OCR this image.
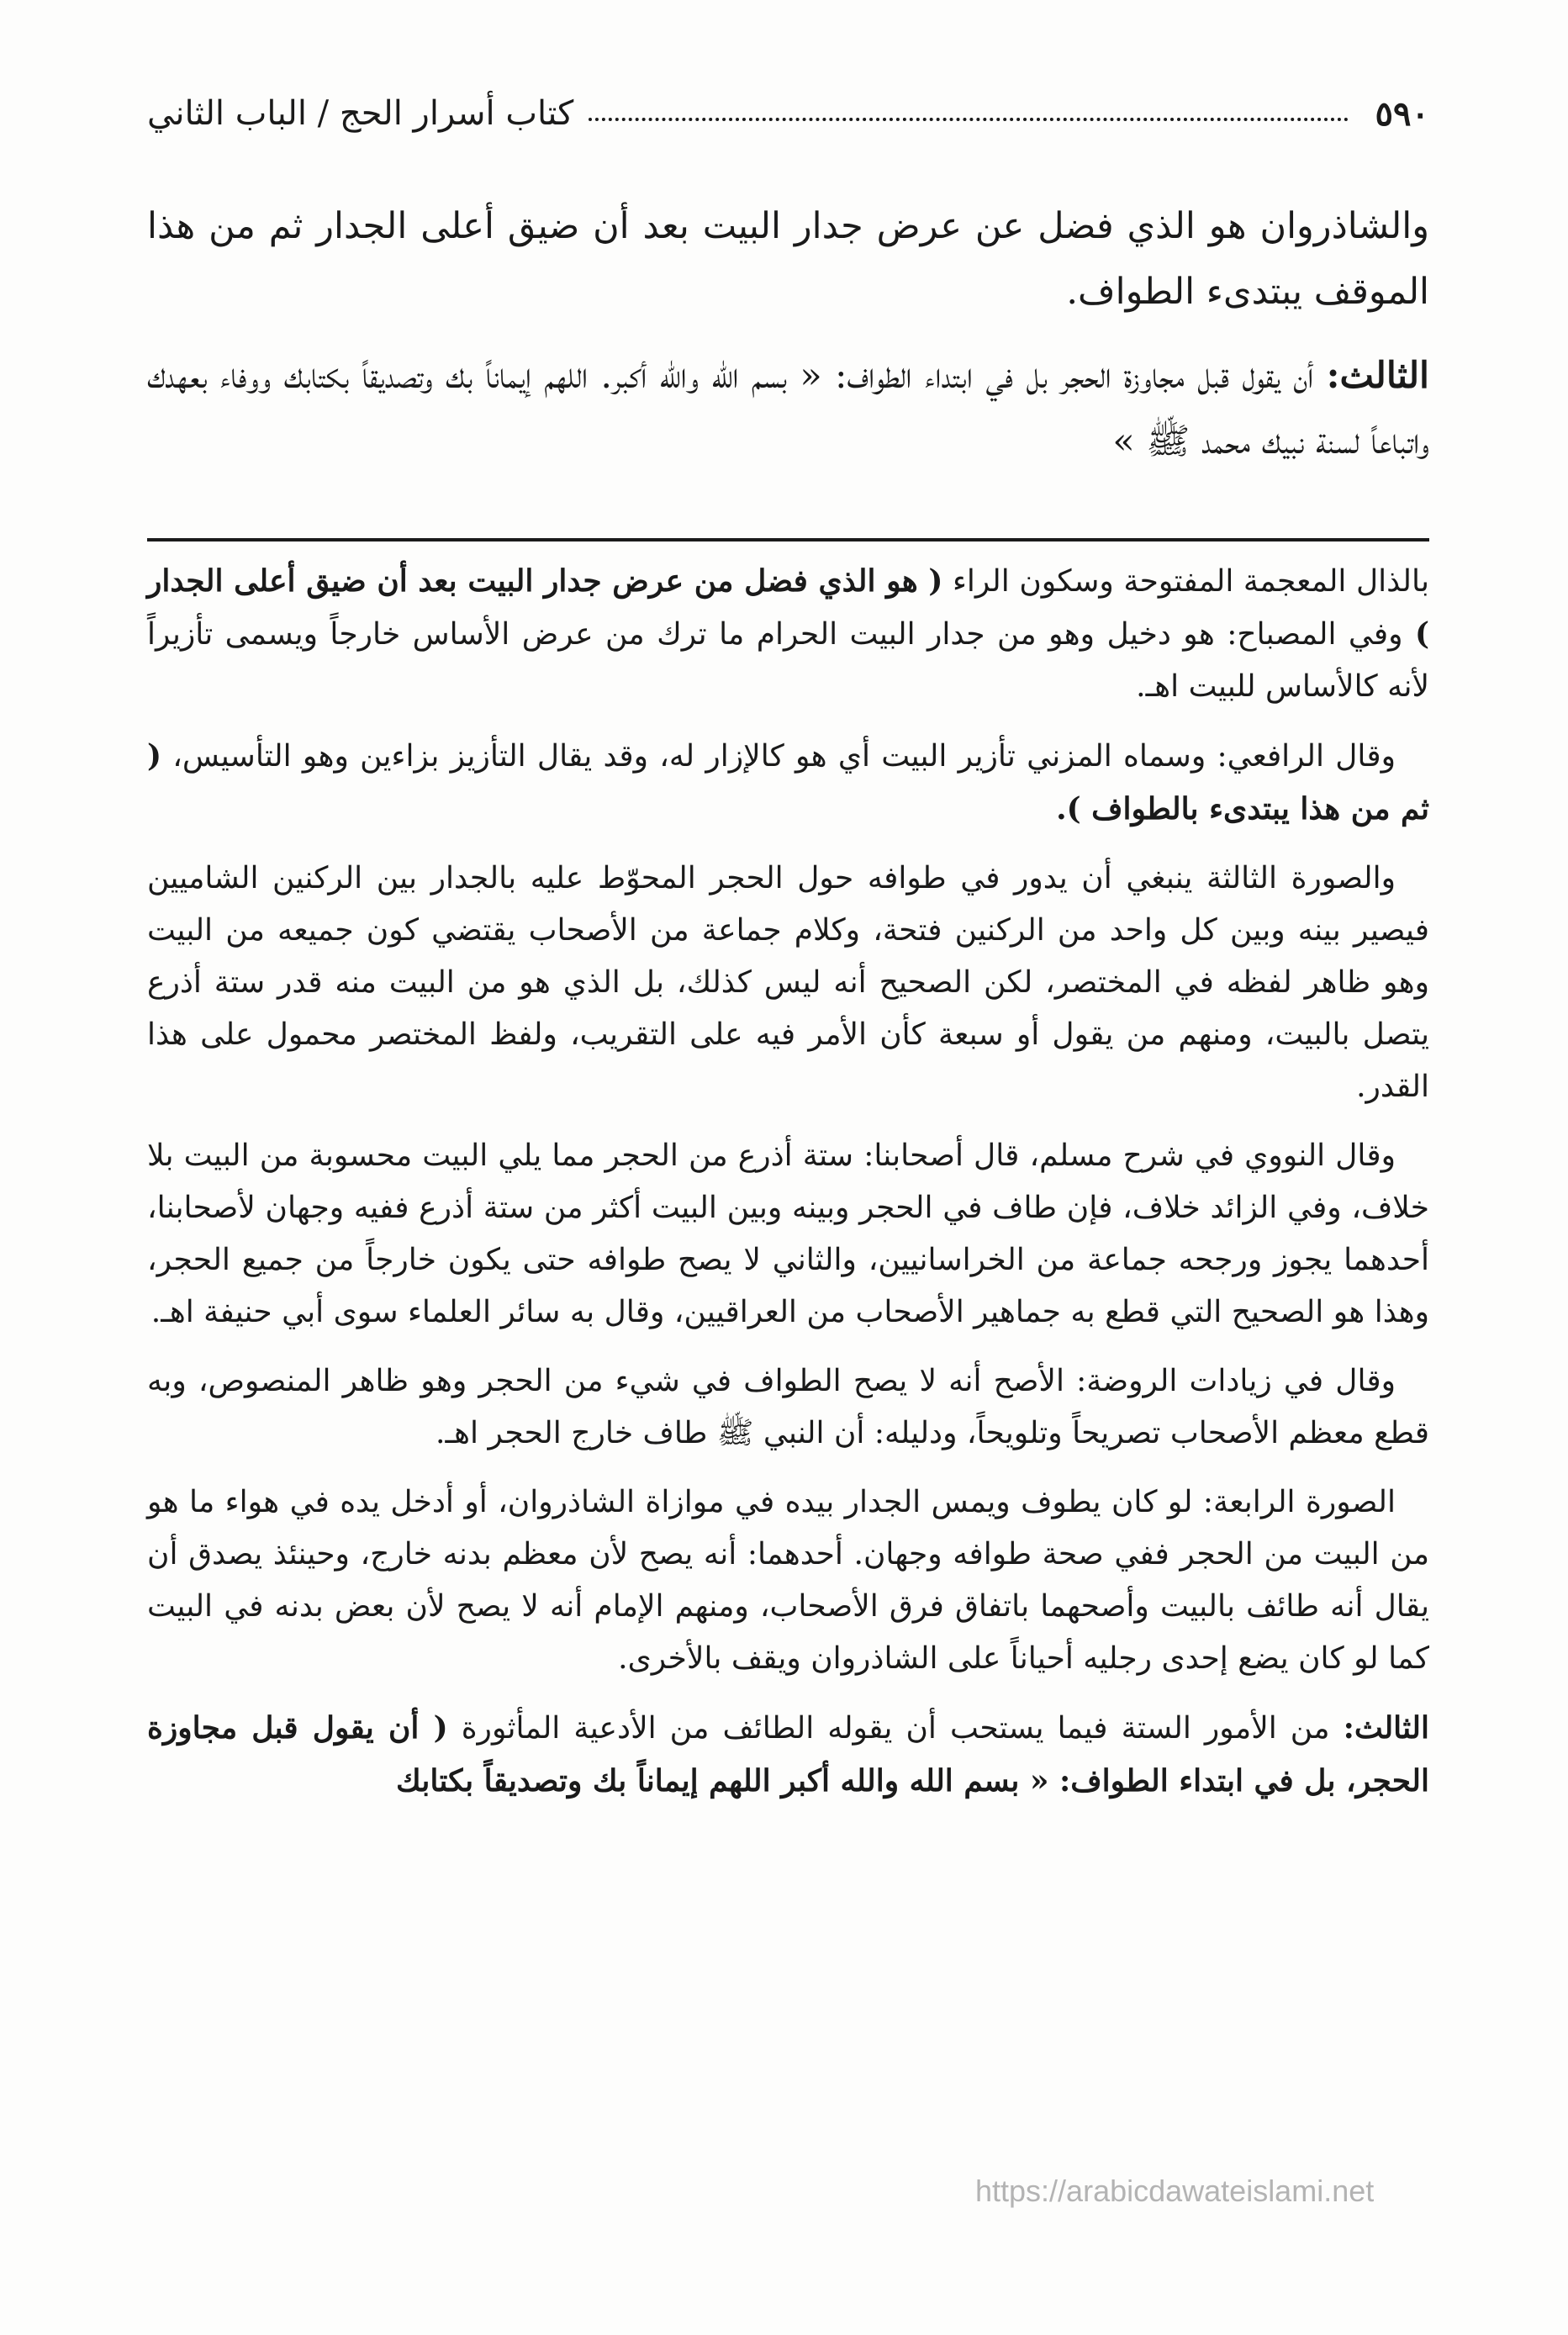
٥٩٠
كتاب أسرار الحج / الباب الثاني

والشاذروان هو الذي فضل عن عرض جدار البيت بعد أن ضيق أعلى الجدار ثم من هذا الموقف يبتدىء الطواف.

الثالث: أن يقول قبل مجاوزة الحجر بل في ابتداء الطواف: « بسم الله والله أكبر. اللهم إيماناً بك وتصديقاً بكتابك ووفاء بعهدك واتباعاً لسنة نبيك محمد ﷺ »

بالذال المعجمة المفتوحة وسكون الراء ( هو الذي فضل من عرض جدار البيت بعد أن ضيق أعلى الجدار ) وفي المصباح: هو دخيل وهو من جدار البيت الحرام ما ترك من عرض الأساس خارجاً ويسمى تأزيراً لأنه كالأساس للبيت اهـ.

وقال الرافعي: وسماه المزني تأزير البيت أي هو كالإزار له، وقد يقال التأزيز بزاءين وهو التأسيس، ( ثم من هذا يبتدىء بالطواف ).

والصورة الثالثة ينبغي أن يدور في طوافه حول الحجر المحوّط عليه بالجدار بين الركنين الشاميين فيصير بينه وبين كل واحد من الركنين فتحة، وكلام جماعة من الأصحاب يقتضي كون جميعه من البيت وهو ظاهر لفظه في المختصر، لكن الصحيح أنه ليس كذلك، بل الذي هو من البيت منه قدر ستة أذرع يتصل بالبيت، ومنهم من يقول أو سبعة كأن الأمر فيه على التقريب، ولفظ المختصر محمول على هذا القدر.

وقال النووي في شرح مسلم، قال أصحابنا: ستة أذرع من الحجر مما يلي البيت محسوبة من البيت بلا خلاف، وفي الزائد خلاف، فإن طاف في الحجر وبينه وبين البيت أكثر من ستة أذرع ففيه وجهان لأصحابنا، أحدهما يجوز ورجحه جماعة من الخراسانيين، والثاني لا يصح طوافه حتى يكون خارجاً من جميع الحجر، وهذا هو الصحيح التي قطع به جماهير الأصحاب من العراقيين، وقال به سائر العلماء سوى أبي حنيفة اهـ.

وقال في زيادات الروضة: الأصح أنه لا يصح الطواف في شيء من الحجر وهو ظاهر المنصوص، وبه قطع معظم الأصحاب تصريحاً وتلويحاً، ودليله: أن النبي ﷺ طاف خارج الحجر اهـ.

الصورة الرابعة: لو كان يطوف ويمس الجدار بيده في موازاة الشاذروان، أو أدخل يده في هواء ما هو من البيت من الحجر ففي صحة طوافه وجهان. أحدهما: أنه يصح لأن معظم بدنه خارج، وحينئذ يصدق أن يقال أنه طائف بالبيت وأصحهما باتفاق فرق الأصحاب، ومنهم الإمام أنه لا يصح لأن بعض بدنه في البيت كما لو كان يضع إحدى رجليه أحياناً على الشاذروان ويقف بالأخرى.

الثالث: من الأمور الستة فيما يستحب أن يقوله الطائف من الأدعية المأثورة ( أن يقول قبل مجاوزة الحجر، بل في ابتداء الطواف: « بسم الله والله أكبر اللهم إيماناً بك وتصديقاً بكتابك

https://arabicdawateislami.net
